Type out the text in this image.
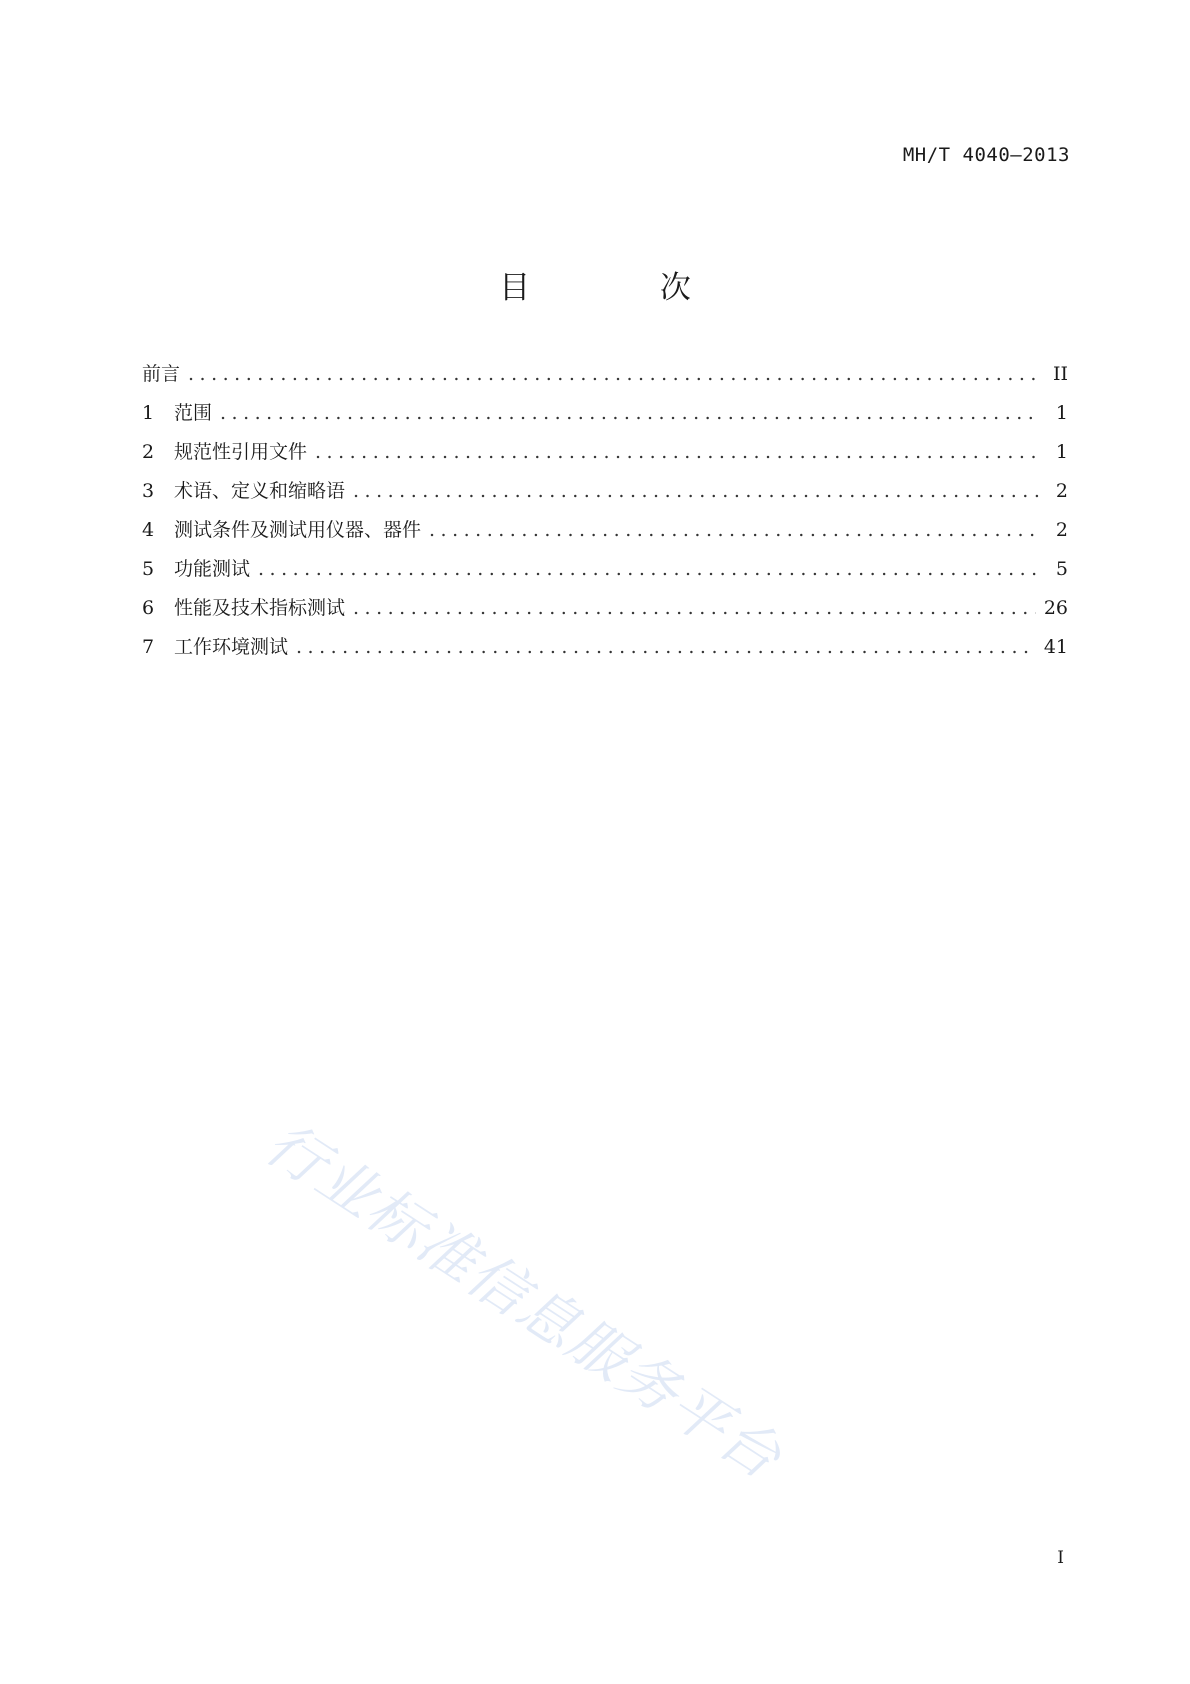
MH/T 4040—2013
目 次
前言 .....	II
1	范围 .....	1
2	规范性引用文件 .....	1
3	术语、定义和缩略语 .....	2
4	测试条件及测试用仪器、器件 .....	2
5	功能测试 .....	5
6	性能及技术指标测试 .....	26
7	工作环境测试 .....	41
行业标准信息服务平台
I
